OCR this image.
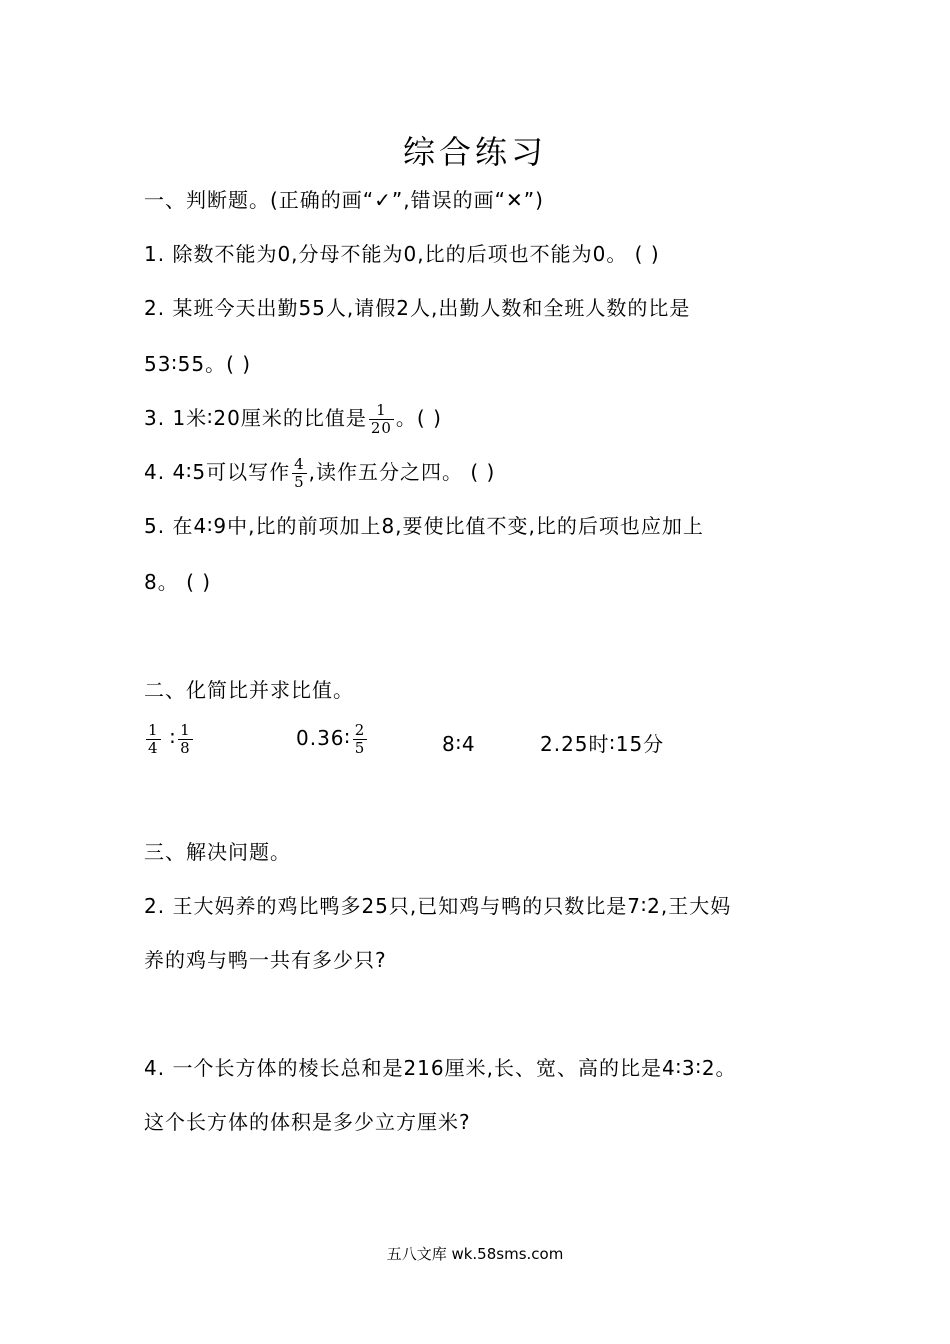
综合练习
一、判断题。(正确的画“✓”,错误的画“✕”)
1. 除数不能为0,分母不能为0,比的后项也不能为0。 ( )
2. 某班今天出勤55人,请假2人,出勤人数和全班人数的比是
53∶55。( )
3. 1米∶20厘米的比值是 $\frac{1}{20}$ 。( )
4. 4∶5可以写作 $\frac{4}{5}$ ,读作五分之四。 ( )
5. 在4∶9中,比的前项加上8,要使比值不变,比的后项也应加上
8。 ( )
二、化简比并求比值。
$\frac{1}{4}$ ∶ $\frac{1}{8}$	0.36∶ $\frac{2}{5}$	8∶4	2.25时∶15分
三、解决问题。
2. 王大妈养的鸡比鸭多25只,已知鸡与鸭的只数比是7∶2,王大妈
养的鸡与鸭一共有多少只?
4. 一个长方体的棱长总和是216厘米,长、宽、高的比是4∶3∶2。
这个长方体的体积是多少立方厘米?
五八文库 wk.58sms.com
